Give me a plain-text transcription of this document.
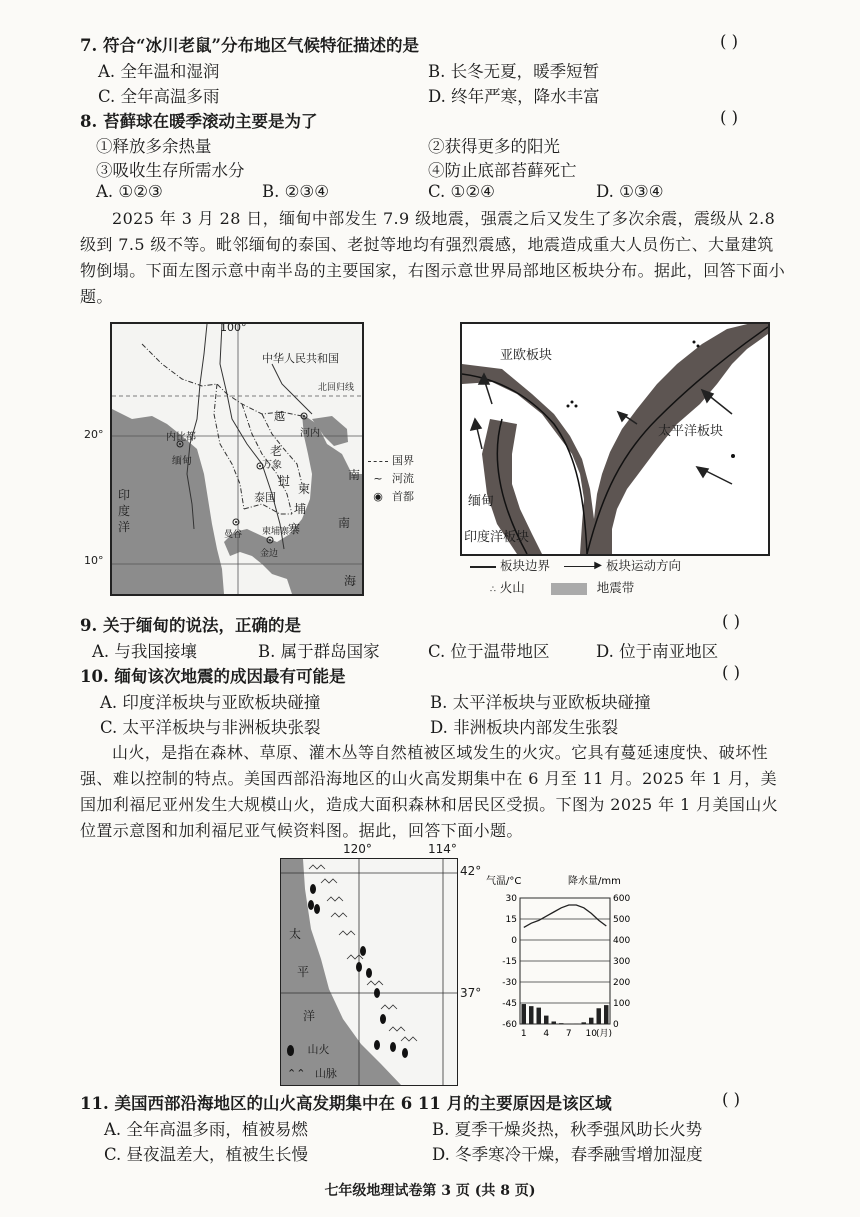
7. 符合“冰川老鼠”分布地区气候特征描述的是	( )
A. 全年温和湿润	B. 长冬无夏，暖季短暂
C. 全年高温多雨	D. 终年严寒，降水丰富
8. 苔藓球在暖季滚动主要是为了	( )
①释放多余热量	②获得更多的阳光
③吸收生存所需水分	④防止底部苔藓死亡
A. ①②③	B. ②③④	C. ①②④	D. ①③④

2025 年 3 月 28 日，缅甸中部发生 7.9 级地震，强震之后又发生了多次余震，震级从 2.8 级到 7.5 级不等。毗邻缅甸的泰国、老挝等地均有强烈震感，地震造成重大人员伤亡、大量建筑物倒塌。下面左图示意中南半岛的主要国家，右图示意世界局部地区板块分布。据此，回答下面小题。

100°
中华人民共和国
北回归线
越
河内
内比都
缅甸
老
万象
挝
泰国
柬
埔
寨
曼谷 柬埔寨
金边
南
南
海
印
度
洋
20°
10°
国界
~ 河流
◉ 首都
亚欧板块
太平洋板块
缅甸
印度洋板块
板块边界	▶ 板块运动方向
∴ 火山	地震带
9. 关于缅甸的说法，正确的是	( )
A. 与我国接壤	B. 属于群岛国家	C. 位于温带地区	D. 位于南亚地区
10. 缅甸该次地震的成因最有可能是	( )
A. 印度洋板块与亚欧板块碰撞	B. 太平洋板块与亚欧板块碰撞
C. 太平洋板块与非洲板块张裂	D. 非洲板块内部发生张裂

山火，是指在森林、草原、灌木丛等自然植被区域发生的火灾。它具有蔓延速度快、破坏性强、难以控制的特点。美国西部沿海地区的山火高发期集中在 6 月至 11 月。2025 年 1 月，美国加利福尼亚州发生大规模山火，造成大面积森林和居民区受损。下图为 2025 年 1 月美国山火位置示意图和加利福尼亚气候资料图。据此，回答下面小题。

太
平
洋
山火
⌃⌃ 山脉
120°	114°
42°
37°
气温/°C	降水量/mm
30	600
15	500
0	400
-15	300
-30	200
-45	100
-60	0
1 4 7 10 (月)
11. 美国西部沿海地区的山火高发期集中在 6 11 月的主要原因是该区域	( )
A. 全年高温多雨，植被易燃	B. 夏季干燥炎热，秋季强风助长火势
C. 昼夜温差大，植被生长慢	D. 冬季寒冷干燥，春季融雪增加湿度
七年级地理试卷第 3 页 (共 8 页)
